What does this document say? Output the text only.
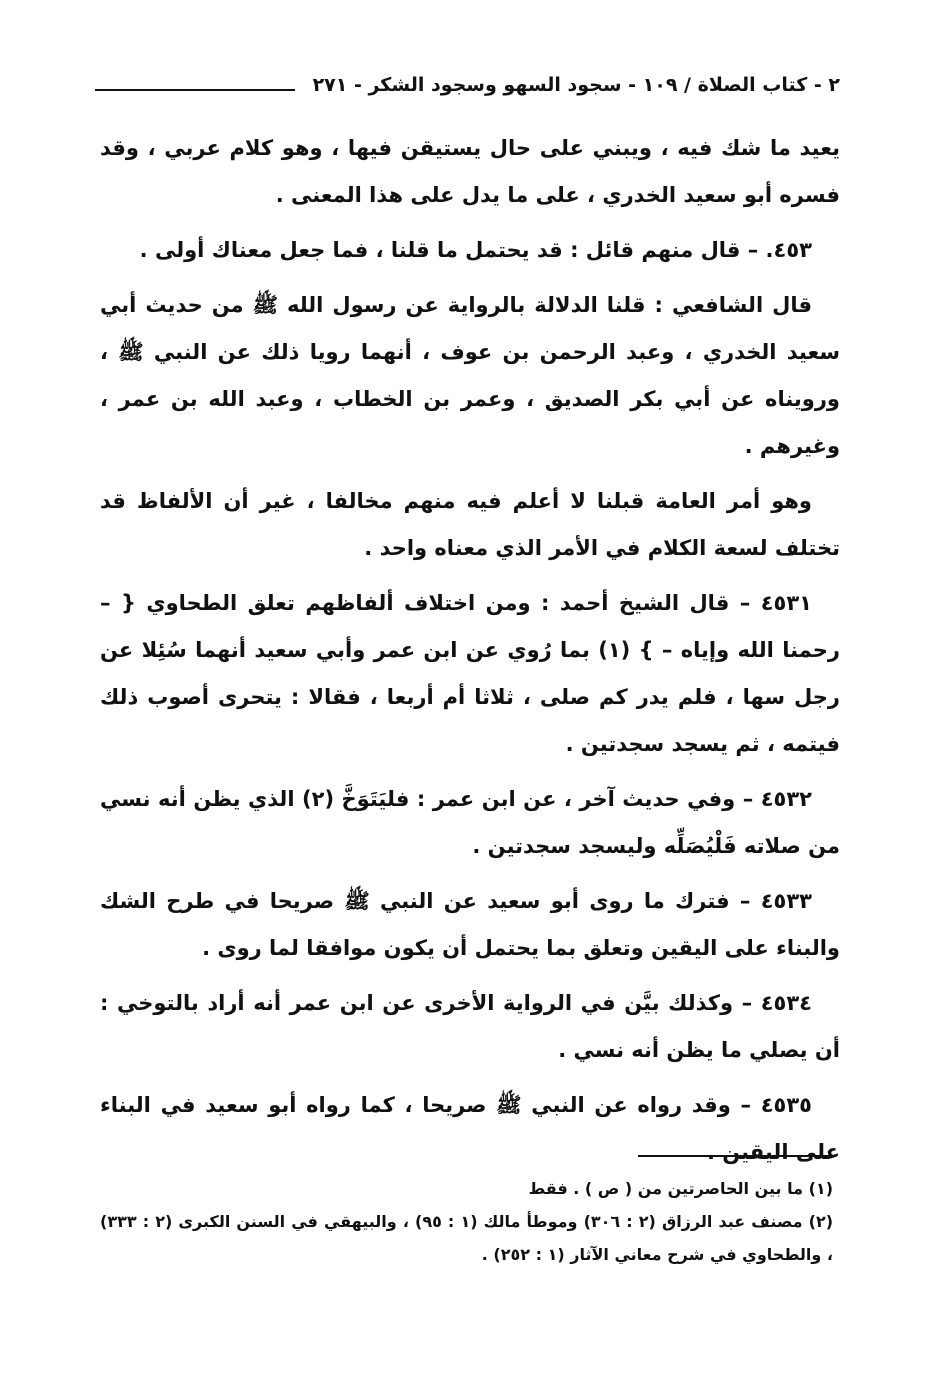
٢ - كتاب الصلاة / ١٠٩ - سجود السهو وسجود الشكر - ٢٧١

يعيد ما شك فيه ، ويبني على حال يستيقن فيها ، وهو كلام عربي ، وقد فسره أبو سعيد الخدري ، على ما يدل على هذا المعنى .

٤٥٣. – قال منهم قائل : قد يحتمل ما قلنا ، فما جعل معناك أولى .

قال الشافعي : قلنا الدلالة بالرواية عن رسول الله ﷺ من حديث أبي سعيد الخدري ، وعبد الرحمن بن عوف ، أنهما رويا ذلك عن النبي ﷺ ، ورويناه عن أبي بكر الصديق ، وعمر بن الخطاب ، وعبد الله بن عمر ، وغيرهم .

وهو أمر العامة قبلنا لا أعلم فيه منهم مخالفا ، غير أن الألفاظ قد تختلف لسعة الكلام في الأمر الذي معناه واحد .

٤٥٣١ – قال الشيخ أحمد : ومن اختلاف ألفاظهم تعلق الطحاوي { – رحمنا الله وإياه – } (١) بما رُوي عن ابن عمر وأبي سعيد أنهما سُئِلا عن رجل سها ، فلم يدر كم صلى ، ثلاثا أم أربعا ، فقالا : يتحرى أصوب ذلك فيتمه ، ثم يسجد سجدتين .

٤٥٣٢ – وفي حديث آخر ، عن ابن عمر : فليَتَوَخَّ (٢) الذي يظن أنه نسي من صلاته فَلْيُصَلِّه وليسجد سجدتين .

٤٥٣٣ – فترك ما روى أبو سعيد عن النبي ﷺ صريحا في طرح الشك والبناء على اليقين وتعلق بما يحتمل أن يكون موافقا لما روى .

٤٥٣٤ – وكذلك بيَّن في الرواية الأخرى عن ابن عمر أنه أراد بالتوخي : أن يصلي ما يظن أنه نسي .

٤٥٣٥ – وقد رواه عن النبي ﷺ صريحا ، كما رواه أبو سعيد في البناء على اليقين .

(١) ما بين الحاصرتين من ( ص ) . فقط

(٢) مصنف عبد الرزاق (٢ : ٣٠٦) وموطأ مالك (١ : ٩٥) ، والبيهقي في السنن الكبرى (٢ : ٣٣٣) ، والطحاوي في شرح معاني الآثار (١ : ٢٥٢) .
